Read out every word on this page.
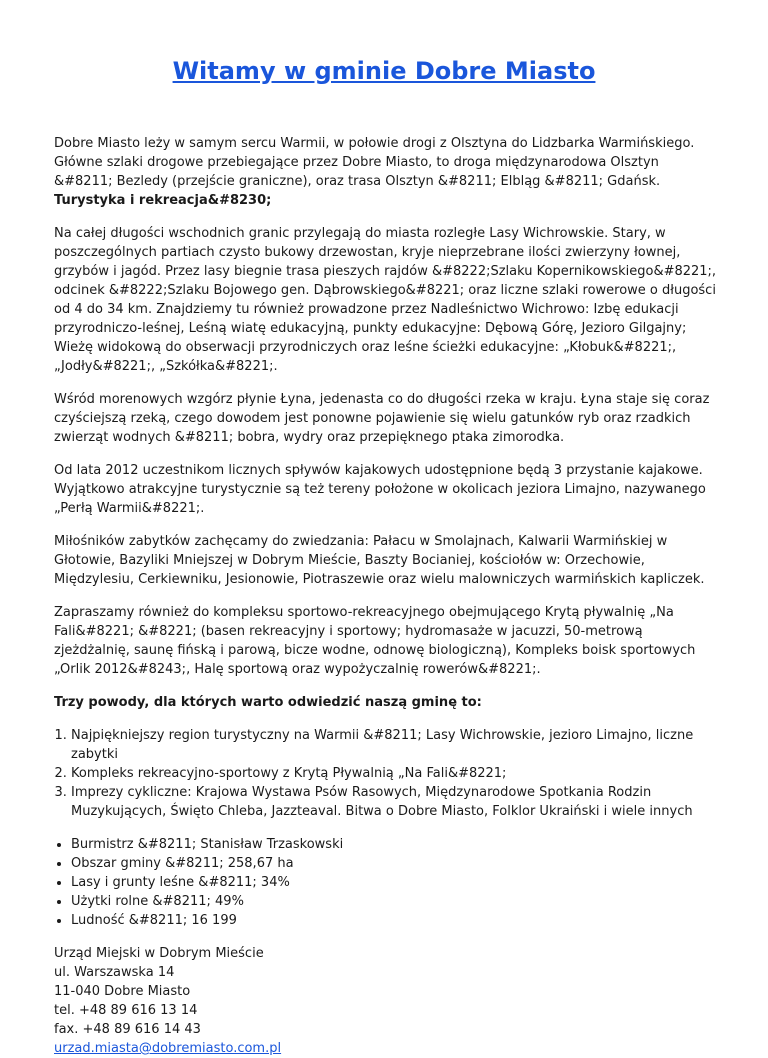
Witamy w gminie Dobre Miasto

Dobre Miasto leży w samym sercu Warmii, w połowie drogi z Olsztyna do Lidzbarka Warmińskiego. Główne szlaki drogowe przebiegające przez Dobre Miasto, to droga międzynarodowa Olsztyn &#8211; Bezledy (przejście graniczne), oraz trasa Olsztyn &#8211; Elbląg &#8211; Gdańsk. Turystyka i rekreacja&#8230;

Na całej długości wschodnich granic przylegają do miasta rozległe Lasy Wichrowskie. Stary, w poszczególnych partiach czysto bukowy drzewostan, kryje nieprzebrane ilości zwierzyny łownej, grzybów i jagód. Przez lasy biegnie trasa pieszych rajdów &#8222;Szlaku Kopernikowskiego&#8221;, odcinek &#8222;Szlaku Bojowego gen. Dąbrowskiego&#8221; oraz liczne szlaki rowerowe o długości od 4 do 34 km. Znajdziemy tu również prowadzone przez Nadleśnictwo Wichrowo: Izbę edukacji przyrodniczo-leśnej, Leśną wiatę edukacyjną, punkty edukacyjne: Dębową Górę, Jezioro Gilgajny; Wieżę widokową do obserwacji przyrodniczych oraz leśne ścieżki edukacyjne: „Kłobuk&#8221;, „Jodły&#8221;, „Szkółka&#8221;.

Wśród morenowych wzgórz płynie Łyna, jedenasta co do długości rzeka w kraju. Łyna staje się coraz czyściejszą rzeką, czego dowodem jest ponowne pojawienie się wielu gatunków ryb oraz rzadkich zwierząt wodnych &#8211; bobra, wydry oraz przepięknego ptaka zimorodka.

Od lata 2012 uczestnikom licznych spływów kajakowych udostępnione będą 3 przystanie kajakowe. Wyjątkowo atrakcyjne turystycznie są też tereny położone w okolicach jeziora Limajno, nazywanego „Perłą Warmii&#8221;.

Miłośników zabytków zachęcamy do zwiedzania: Pałacu w Smolajnach, Kalwarii Warmińskiej w Głotowie, Bazyliki Mniejszej w Dobrym Mieście, Baszty Bocianiej, kościołów w: Orzechowie, Międzylesiu, Cerkiewniku, Jesionowie, Piotraszewie oraz wielu malowniczych warmińskich kapliczek.

Zapraszamy również do kompleksu sportowo-rekreacyjnego obejmującego Krytą pływalnię „Na Fali&#8221; &#8221; (basen rekreacyjny i sportowy; hydromasaże w jacuzzi, 50-metrową zjeżdżalnię, saunę fińską i parową, bicze wodne, odnowę biologiczną), Kompleks boisk sportowych „Orlik 2012&#8243;, Halę sportową oraz wypożyczalnię rowerów&#8221;.

Trzy powody, dla których warto odwiedzić naszą gminę to:

1. Najpiękniejszy region turystyczny na Warmii &#8211; Lasy Wichrowskie, jezioro Limajno, liczne zabytki
2. Kompleks rekreacyjno-sportowy z Krytą Pływalnią „Na Fali&#8221;
3. Imprezy cykliczne: Krajowa Wystawa Psów Rasowych, Międzynarodowe Spotkania Rodzin Muzykujących, Święto Chleba, Jazzteaval. Bitwa o Dobre Miasto, Folklor Ukraiński i wiele innych
• Burmistrz &#8211; Stanisław Trzaskowski
• Obszar gminy &#8211; 258,67 ha
• Lasy i grunty leśne &#8211; 34%
• Użytki rolne &#8211; 49%
• Ludność &#8211; 16 199
Urząd Miejski w Dobrym Mieście
ul. Warszawska 14
11-040 Dobre Miasto
tel. +48 89 616 13 14
fax. +48 89 616 14 43
urzad.miasta@dobremiasto.com.pl
